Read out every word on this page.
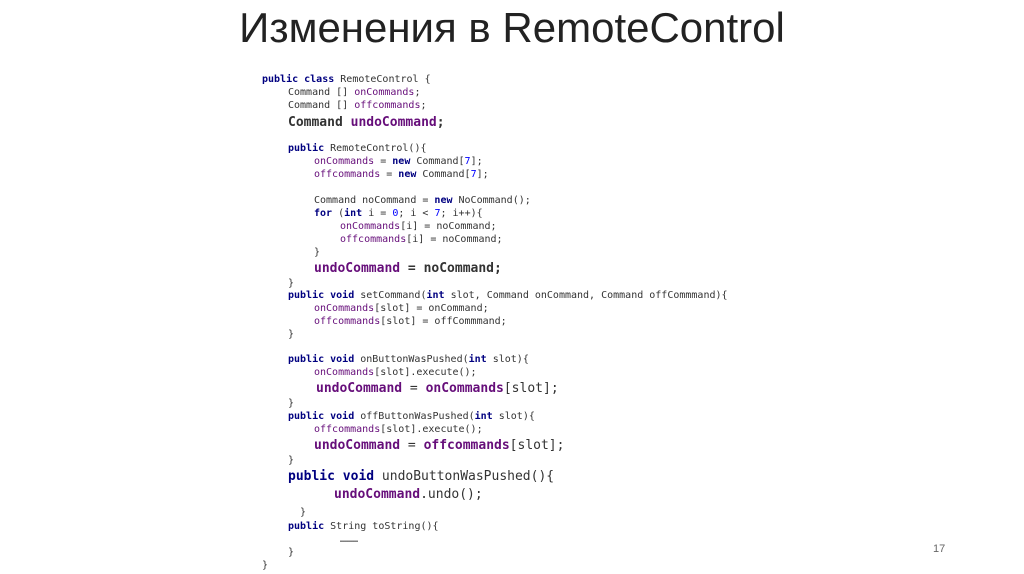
Изменения в RemoteControl
public class RemoteControl {
Command [] onCommands;
Command [] offcommands;
Command undoCommand;
public RemoteControl(){
onCommands = new Command[7];
offcommands = new Command[7];
Command noCommand = new NoCommand();
for (int i = 0; i < 7; i++){
onCommands[i] = noCommand;
offcommands[i] = noCommand;
}
undoCommand = noCommand;
}
public void setCommand(int slot, Command onCommand, Command offCommmand){
onCommands[slot] = onCommand;
offcommands[slot] = offCommmand;
}
public void onButtonWasPushed(int slot){
onCommands[slot].execute();
undoCommand = onCommands[slot];
}
public void offButtonWasPushed(int slot){
offcommands[slot].execute();
undoCommand = offcommands[slot];
}
public void undoButtonWasPushed(){
undoCommand.undo();
}
public String toString(){
………
}
}
17
